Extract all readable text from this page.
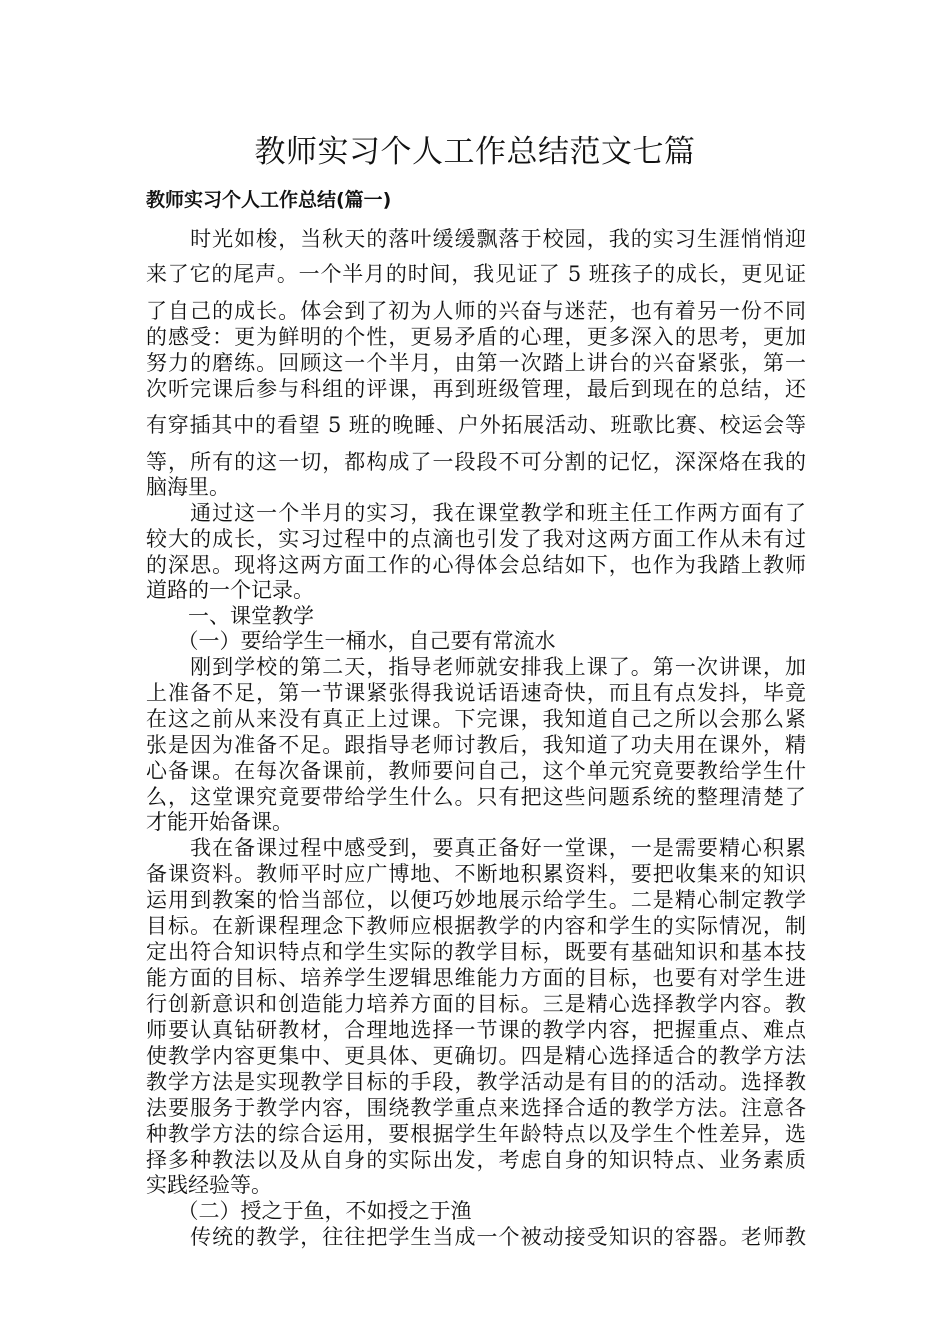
教师实习个人工作总结范文七篇
教师实习个人工作总结(篇一)
　　时光如梭，当秋天的落叶缓缓飘落于校园，我的实习生涯悄悄迎
来了它的尾声。一个半月的时间，我见证了 5 班孩子的成长，更见证
了自己的成长。体会到了初为人师的兴奋与迷茫，也有着另一份不同
的感受：更为鲜明的个性，更易矛盾的心理，更多深入的思考，更加
努力的磨练。回顾这一个半月，由第一次踏上讲台的兴奋紧张，第一
次听完课后参与科组的评课，再到班级管理，最后到现在的总结，还
有穿插其中的看望 5 班的晚睡、户外拓展活动、班歌比赛、校运会等
等，所有的这一切，都构成了一段段不可分割的记忆，深深烙在我的
脑海里。
　　通过这一个半月的实习，我在课堂教学和班主任工作两方面有了
较大的成长，实习过程中的点滴也引发了我对这两方面工作从未有过
的深思。现将这两方面工作的心得体会总结如下，也作为我踏上教师
道路的一个记录。
　　一、课堂教学
　　（一）要给学生一桶水，自己要有常流水
　　刚到学校的第二天，指导老师就安排我上课了。第一次讲课，加
上准备不足，第一节课紧张得我说话语速奇快，而且有点发抖，毕竟
在这之前从来没有真正上过课。下完课，我知道自己之所以会那么紧
张是因为准备不足。跟指导老师讨教后，我知道了功夫用在课外，精
心备课。在每次备课前，教师要问自己，这个单元究竟要教给学生什
么，这堂课究竟要带给学生什么。只有把这些问题系统的整理清楚了
才能开始备课。
　　我在备课过程中感受到，要真正备好一堂课，一是需要精心积累
备课资料。教师平时应广博地、不断地积累资料，要把收集来的知识
运用到教案的恰当部位，以便巧妙地展示给学生。二是精心制定教学
目标。在新课程理念下教师应根据教学的内容和学生的实际情况，制
定出符合知识特点和学生实际的教学目标，既要有基础知识和基本技
能方面的目标、培养学生逻辑思维能力方面的目标，也要有对学生进
行创新意识和创造能力培养方面的目标。三是精心选择教学内容。教
师要认真钻研教材，合理地选择一节课的教学内容，把握重点、难点
使教学内容更集中、更具体、更确切。四是精心选择适合的教学方法
教学方法是实现教学目标的手段，教学活动是有目的的活动。选择教
法要服务于教学内容，围绕教学重点来选择合适的教学方法。注意各
种教学方法的综合运用，要根据学生年龄特点以及学生个性差异，选
择多种教法以及从自身的实际出发，考虑自身的知识特点、业务素质
实践经验等。
　　（二）授之于鱼，不如授之于渔
　　传统的教学，往往把学生当成一个被动接受知识的容器。老师教
